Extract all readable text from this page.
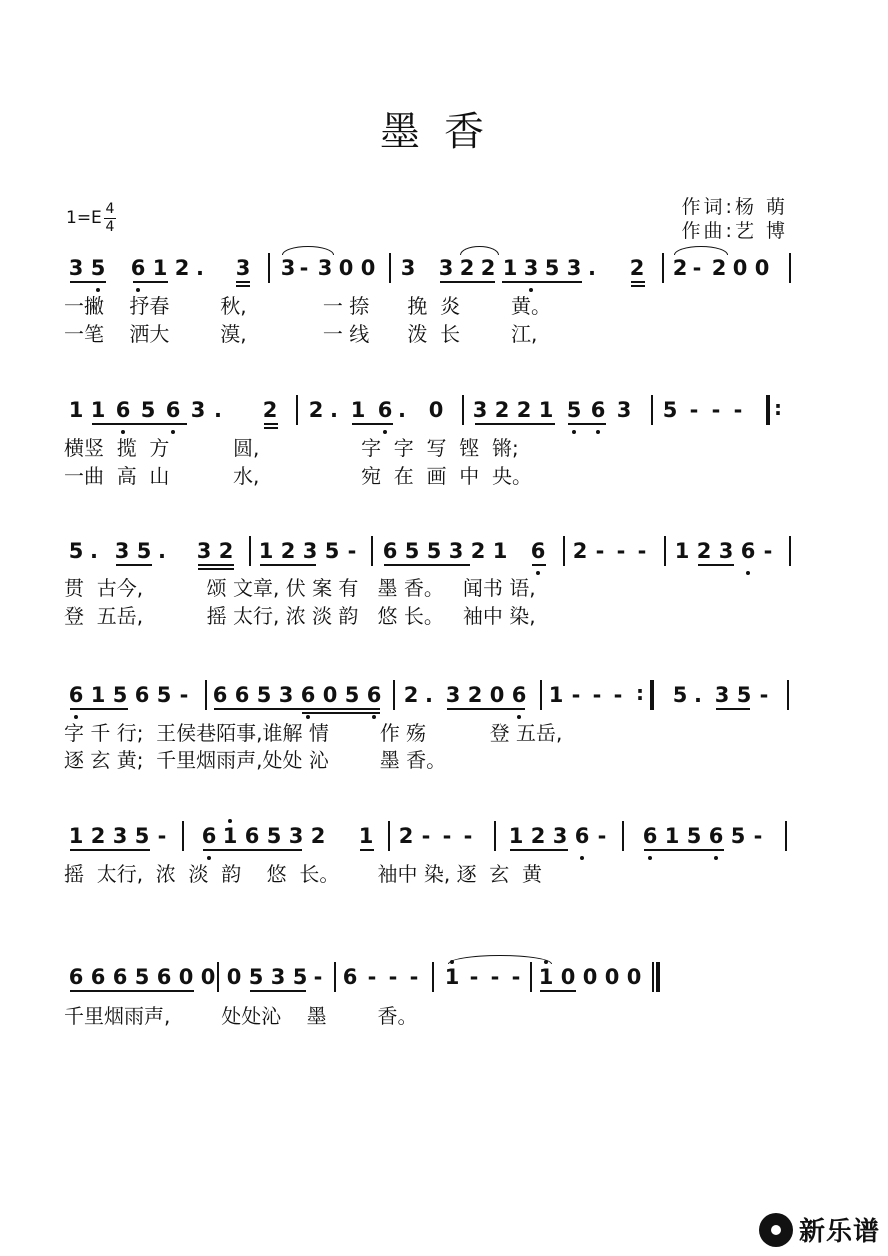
墨香
作词:杨 萌
作曲:艺 博
1=E 4
4
3 5 6 1 2 . 3 3 - 3 0 0 3 3 2 2 1 3 5 3 . 2 2 - 2 0 0
1 1 6 5 6 3 . 2 2 . 1 6 . 0 3 2 2 1 5 6 3 5 - - - :
5 . 3 5 . 3 2 1 2 3 5 - 6 5 5 3 2 1 6 2 - - - 1 2 3 6 -
6 1 5 6 5 - 6 6 5 3 6 0 5 6 2 . 3 2 0 6 1 - - - : 5 . 3 5 -
1 2 3 5 - 6 1 6 5 3 2 1 2 - - - 1 2 3 6 - 6 1 5 6 5 -
6 6 6 5 6 0 0 0 5 3 5 - 6 - - - 1 - - - 1 0 0 0 0
一撇    抒春        秋,            一 捺      挽  炎        黄。
一笔    洒大        漠,            一 线      泼  长        江,
横竖  揽  方          圆,                字  字  写  铿  锵;
一曲  高  山          水,                宛  在  画  中  央。
贯  古今,          颂 文章, 伏 案 有   墨 香。   闻书 语,
登  五岳,          摇 太行, 浓 淡 韵   悠 长。   袖中 染,
字 千 行;  王侯巷陌事,谁解 情        作 殇          登 五岳,
逐 玄 黄;  千里烟雨声,处处 沁        墨 香。
摇  太行,  浓  淡  韵    悠  长。      袖中 染, 逐  玄  黄
千里烟雨声,        处处沁    墨        香。
新乐谱
